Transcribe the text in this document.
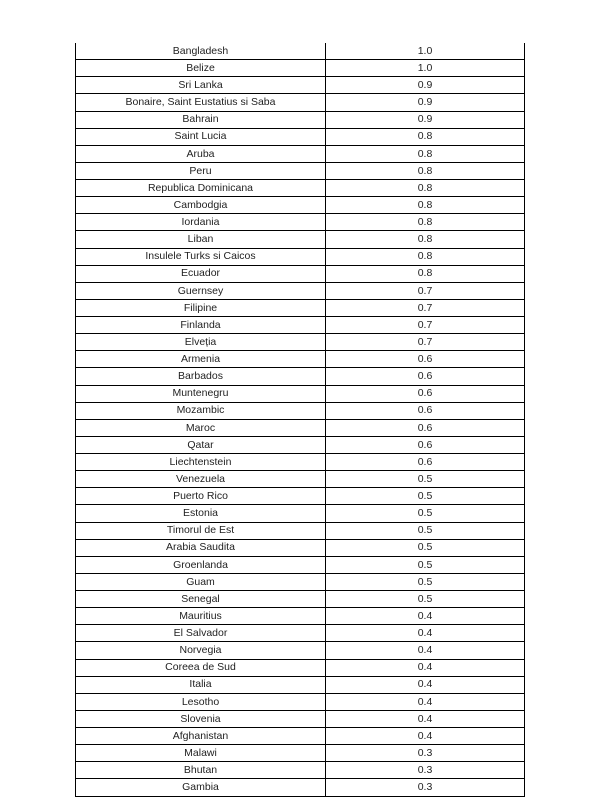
Bangladesh	1.0
Belize	1.0
Sri Lanka	0.9
Bonaire, Saint Eustatius si Saba	0.9
Bahrain	0.9
Saint Lucia	0.8
Aruba	0.8
Peru	0.8
Republica Dominicana	0.8
Cambodgia	0.8
Iordania	0.8
Liban	0.8
Insulele Turks si Caicos	0.8
Ecuador	0.8
Guernsey	0.7
Filipine	0.7
Finlanda	0.7
Elveția	0.7
Armenia	0.6
Barbados	0.6
Muntenegru	0.6
Mozambic	0.6
Maroc	0.6
Qatar	0.6
Liechtenstein	0.6
Venezuela	0.5
Puerto Rico	0.5
Estonia	0.5
Timorul de Est	0.5
Arabia Saudita	0.5
Groenlanda	0.5
Guam	0.5
Senegal	0.5
Mauritius	0.4
El Salvador	0.4
Norvegia	0.4
Coreea de Sud	0.4
Italia	0.4
Lesotho	0.4
Slovenia	0.4
Afghanistan	0.4
Malawi	0.3
Bhutan	0.3
Gambia	0.3
